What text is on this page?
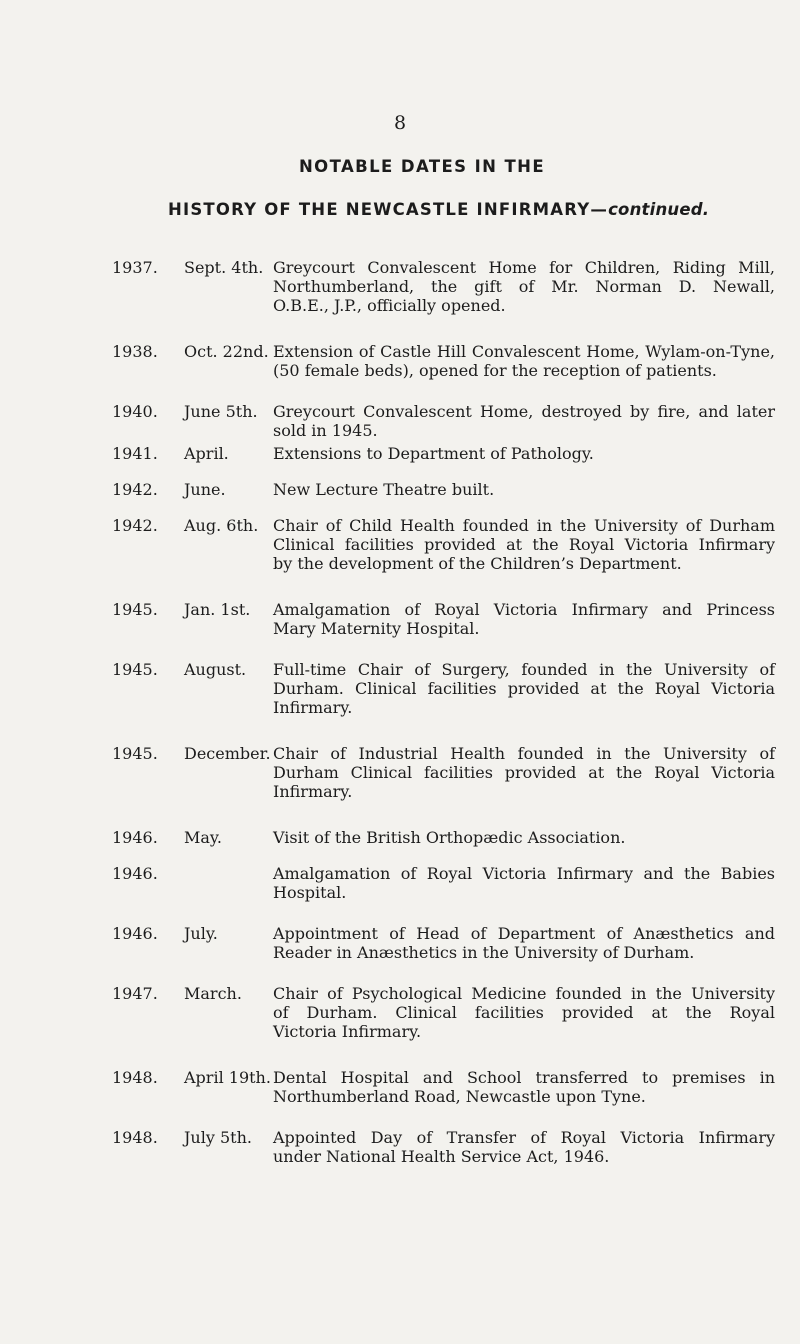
8
NOTABLE DATES IN THE
HISTORY OF THE NEWCASTLE INFIRMARY—continued.
1937. Sept. 4th. Greycourt Convalescent Home for Children, Riding Mill,
Northumberland, the gift of Mr. Norman D. Newall,
O.B.E., J.P., officially opened.
1938. Oct. 22nd. Extension of Castle Hill Convalescent Home, Wylam-on-Tyne,
(50 female beds), opened for the reception of patients.
1940. June 5th. Greycourt Convalescent Home, destroyed by fire, and later
sold in 1945.
1941. April.	Extensions to Department of Pathology.
1942. June.	New Lecture Theatre built.
1942. Aug. 6th. Chair of Child Health founded in the University of Durham
Clinical facilities provided at the Royal Victoria Infirmary
by the development of the Children’s Department.
1945. Jan. 1st. Amalgamation of Royal Victoria Infirmary and Princess
Mary Maternity Hospital.
1945. August. Full-time Chair of Surgery, founded in the University of
Durham. Clinical facilities provided at the Royal Victoria
Infirmary.
1945. December. Chair of Industrial Health founded in the University of
Durham Clinical facilities provided at the Royal Victoria
Infirmary.
1946. May.	Visit of the British Orthopædic Association.
1946.	Amalgamation of Royal Victoria Infirmary and the Babies
Hospital.
1946. July.	Appointment of Head of Department of Anæsthetics and
Reader in Anæsthetics in the University of Durham.
1947. March. Chair of Psychological Medicine founded in the University
of Durham. Clinical facilities provided at the Royal
Victoria Infirmary.
1948. April 19th. Dental Hospital and School transferred to premises in
Northumberland Road, Newcastle upon Tyne.
1948. July 5th. Appointed Day of Transfer of Royal Victoria Infirmary
under National Health Service Act, 1946.
